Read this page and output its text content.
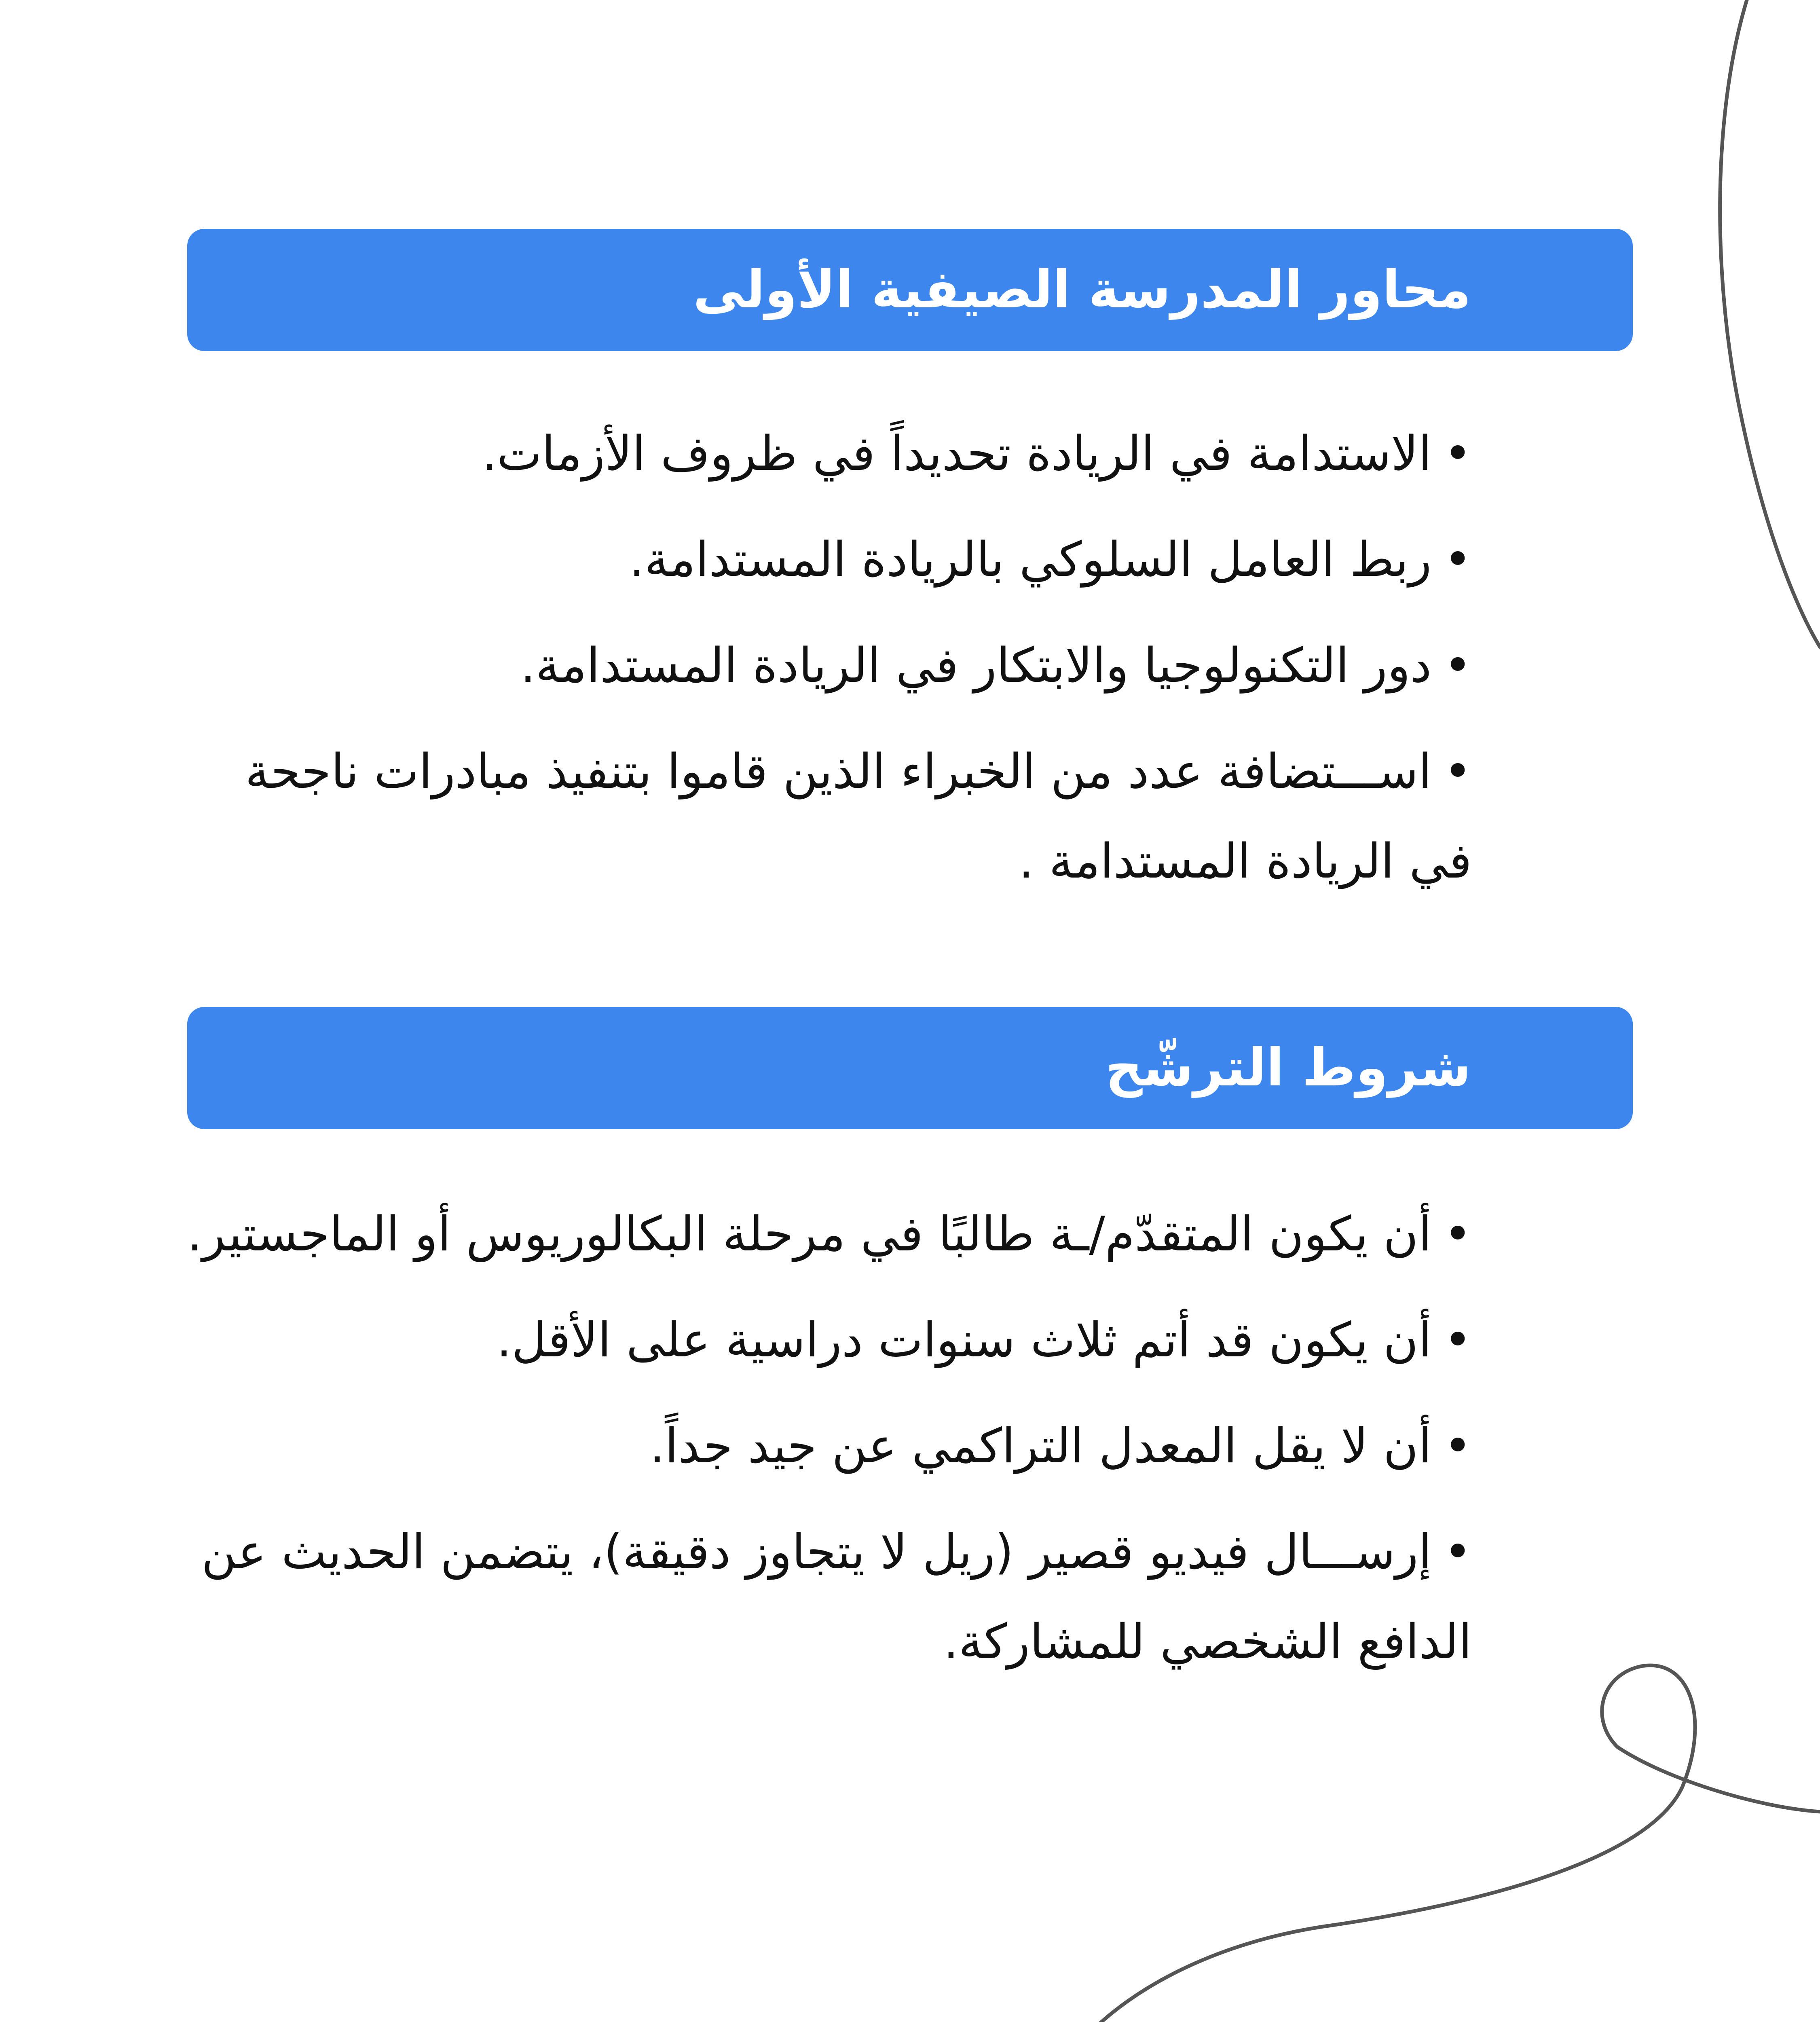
محاور المدرسة الصيفية الأولى
•الاستدامة في الريادة تحديداً في ظروف الأزمات.
•ربط العامل السلوكي بالريادة المستدامة.
•دور التكنولوجيا والابتكار في الريادة المستدامة.
•اســـتضافة عدد من الخبراء الذين قاموا بتنفيذ مبادرات ناجحة في الريادة المستدامة .
شروط الترشّح
•أن يكون المتقدّم/ـة طالبًا في مرحلة البكالوريوس أو الماجستير.
•أن يكون قد أتم ثلاث سنوات دراسية على الأقل.
•أن لا يقل المعدل التراكمي عن جيد جداً.
•إرســـال فيديو قصير (ريل لا يتجاوز دقيقة)، يتضمن الحديث عن الدافع الشخصي للمشاركة.
